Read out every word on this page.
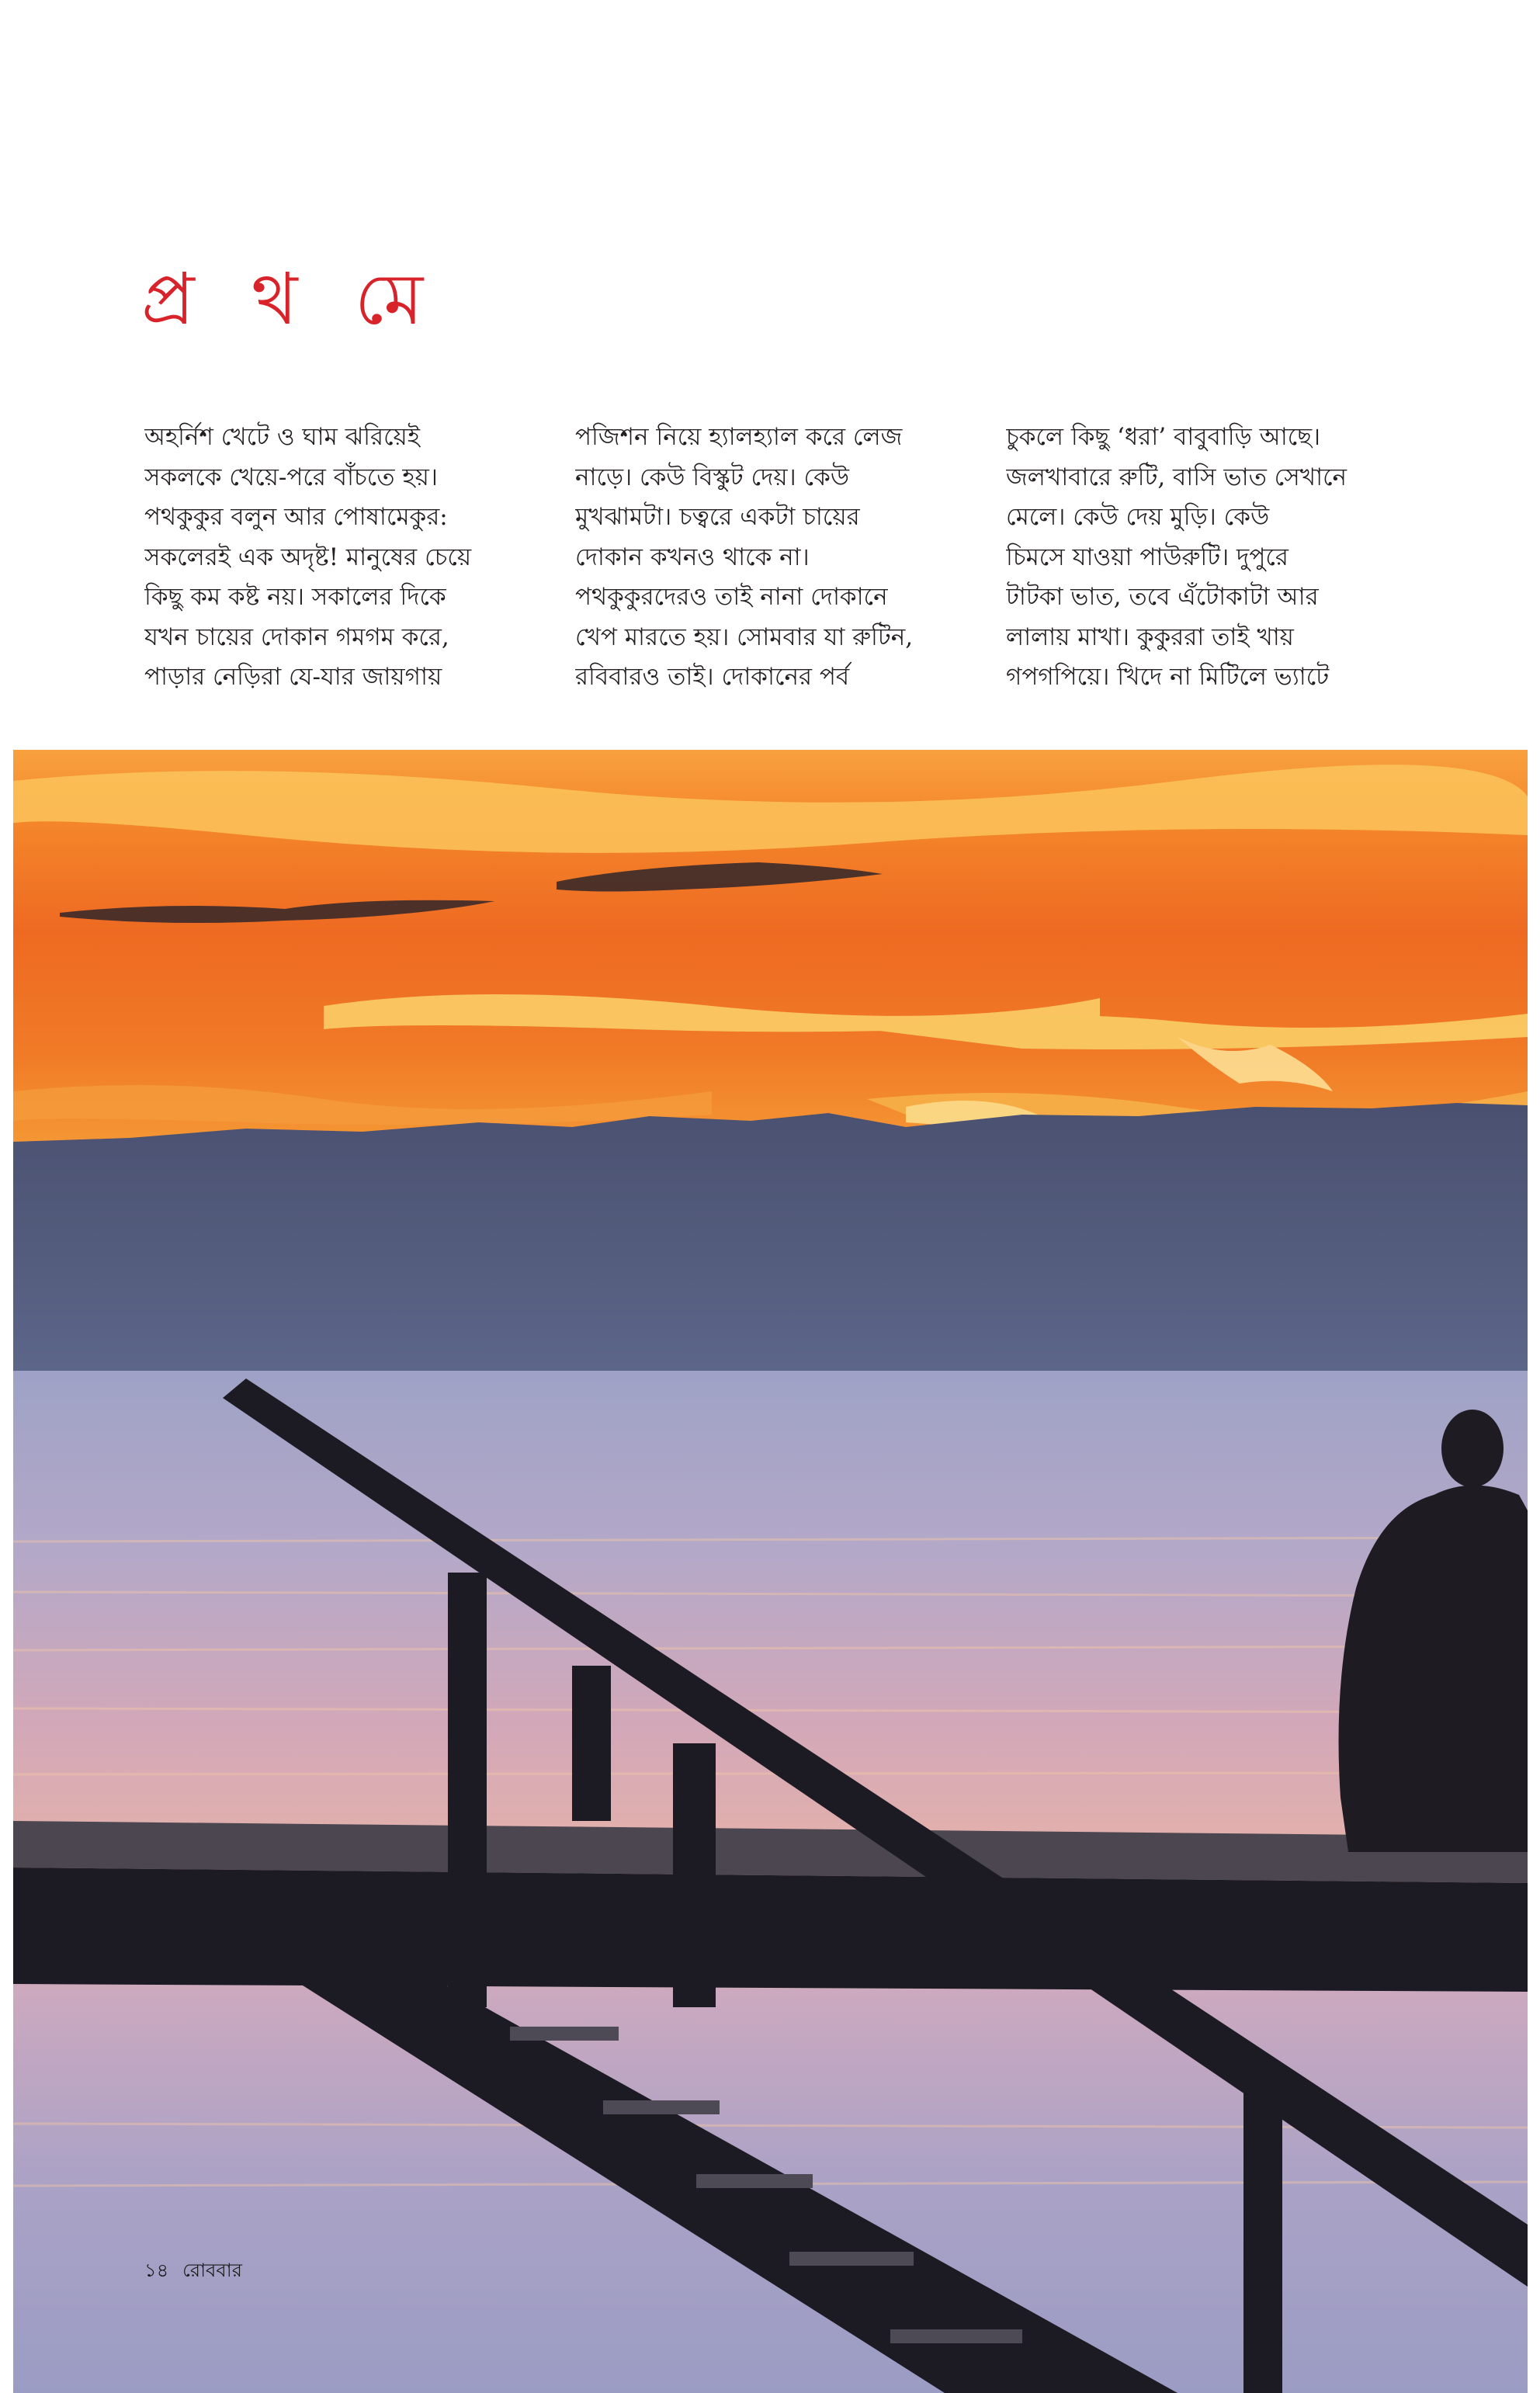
প্র থ মে
অহর্নিশ খেটে ও ঘাম ঝরিয়েই
সকলকে খেয়ে-পরে বাঁচতে হয়।
পথকুকুর বলুন আর পোষামেকুর:
সকলেরই এক অদৃষ্ট! মানুষের চেয়ে
কিছু কম কষ্ট নয়। সকালের দিকে
যখন চায়ের দোকান গমগম করে,
পাড়ার নেড়িরা যে-যার জায়গায়
পজিশন নিয়ে হ্যালহ্যাল করে লেজ
নাড়ে। কেউ বিস্কুট দেয়। কেউ
মুখঝামটা। চত্বরে একটা চায়ের
দোকান কখনও থাকে না।
পথকুকুরদেরও তাই নানা দোকানে
খেপ মারতে হয়। সোমবার যা রুটিন,
রবিবারও তাই। দোকানের পর্ব
চুকলে কিছু ‘ধরা’ বাবুবাড়ি আছে।
জলখাবারে রুটি, বাসি ভাত সেখানে
মেলে। কেউ দেয় মুড়ি। কেউ
চিমসে যাওয়া পাউরুটি। দুপুরে
টাটকা ভাত, তবে এঁটোকাটা আর
লালায় মাখা। কুকুররা তাই খায়
গপগপিয়ে। খিদে না মিটিলে ভ্যাটে
১৪ রোববার
